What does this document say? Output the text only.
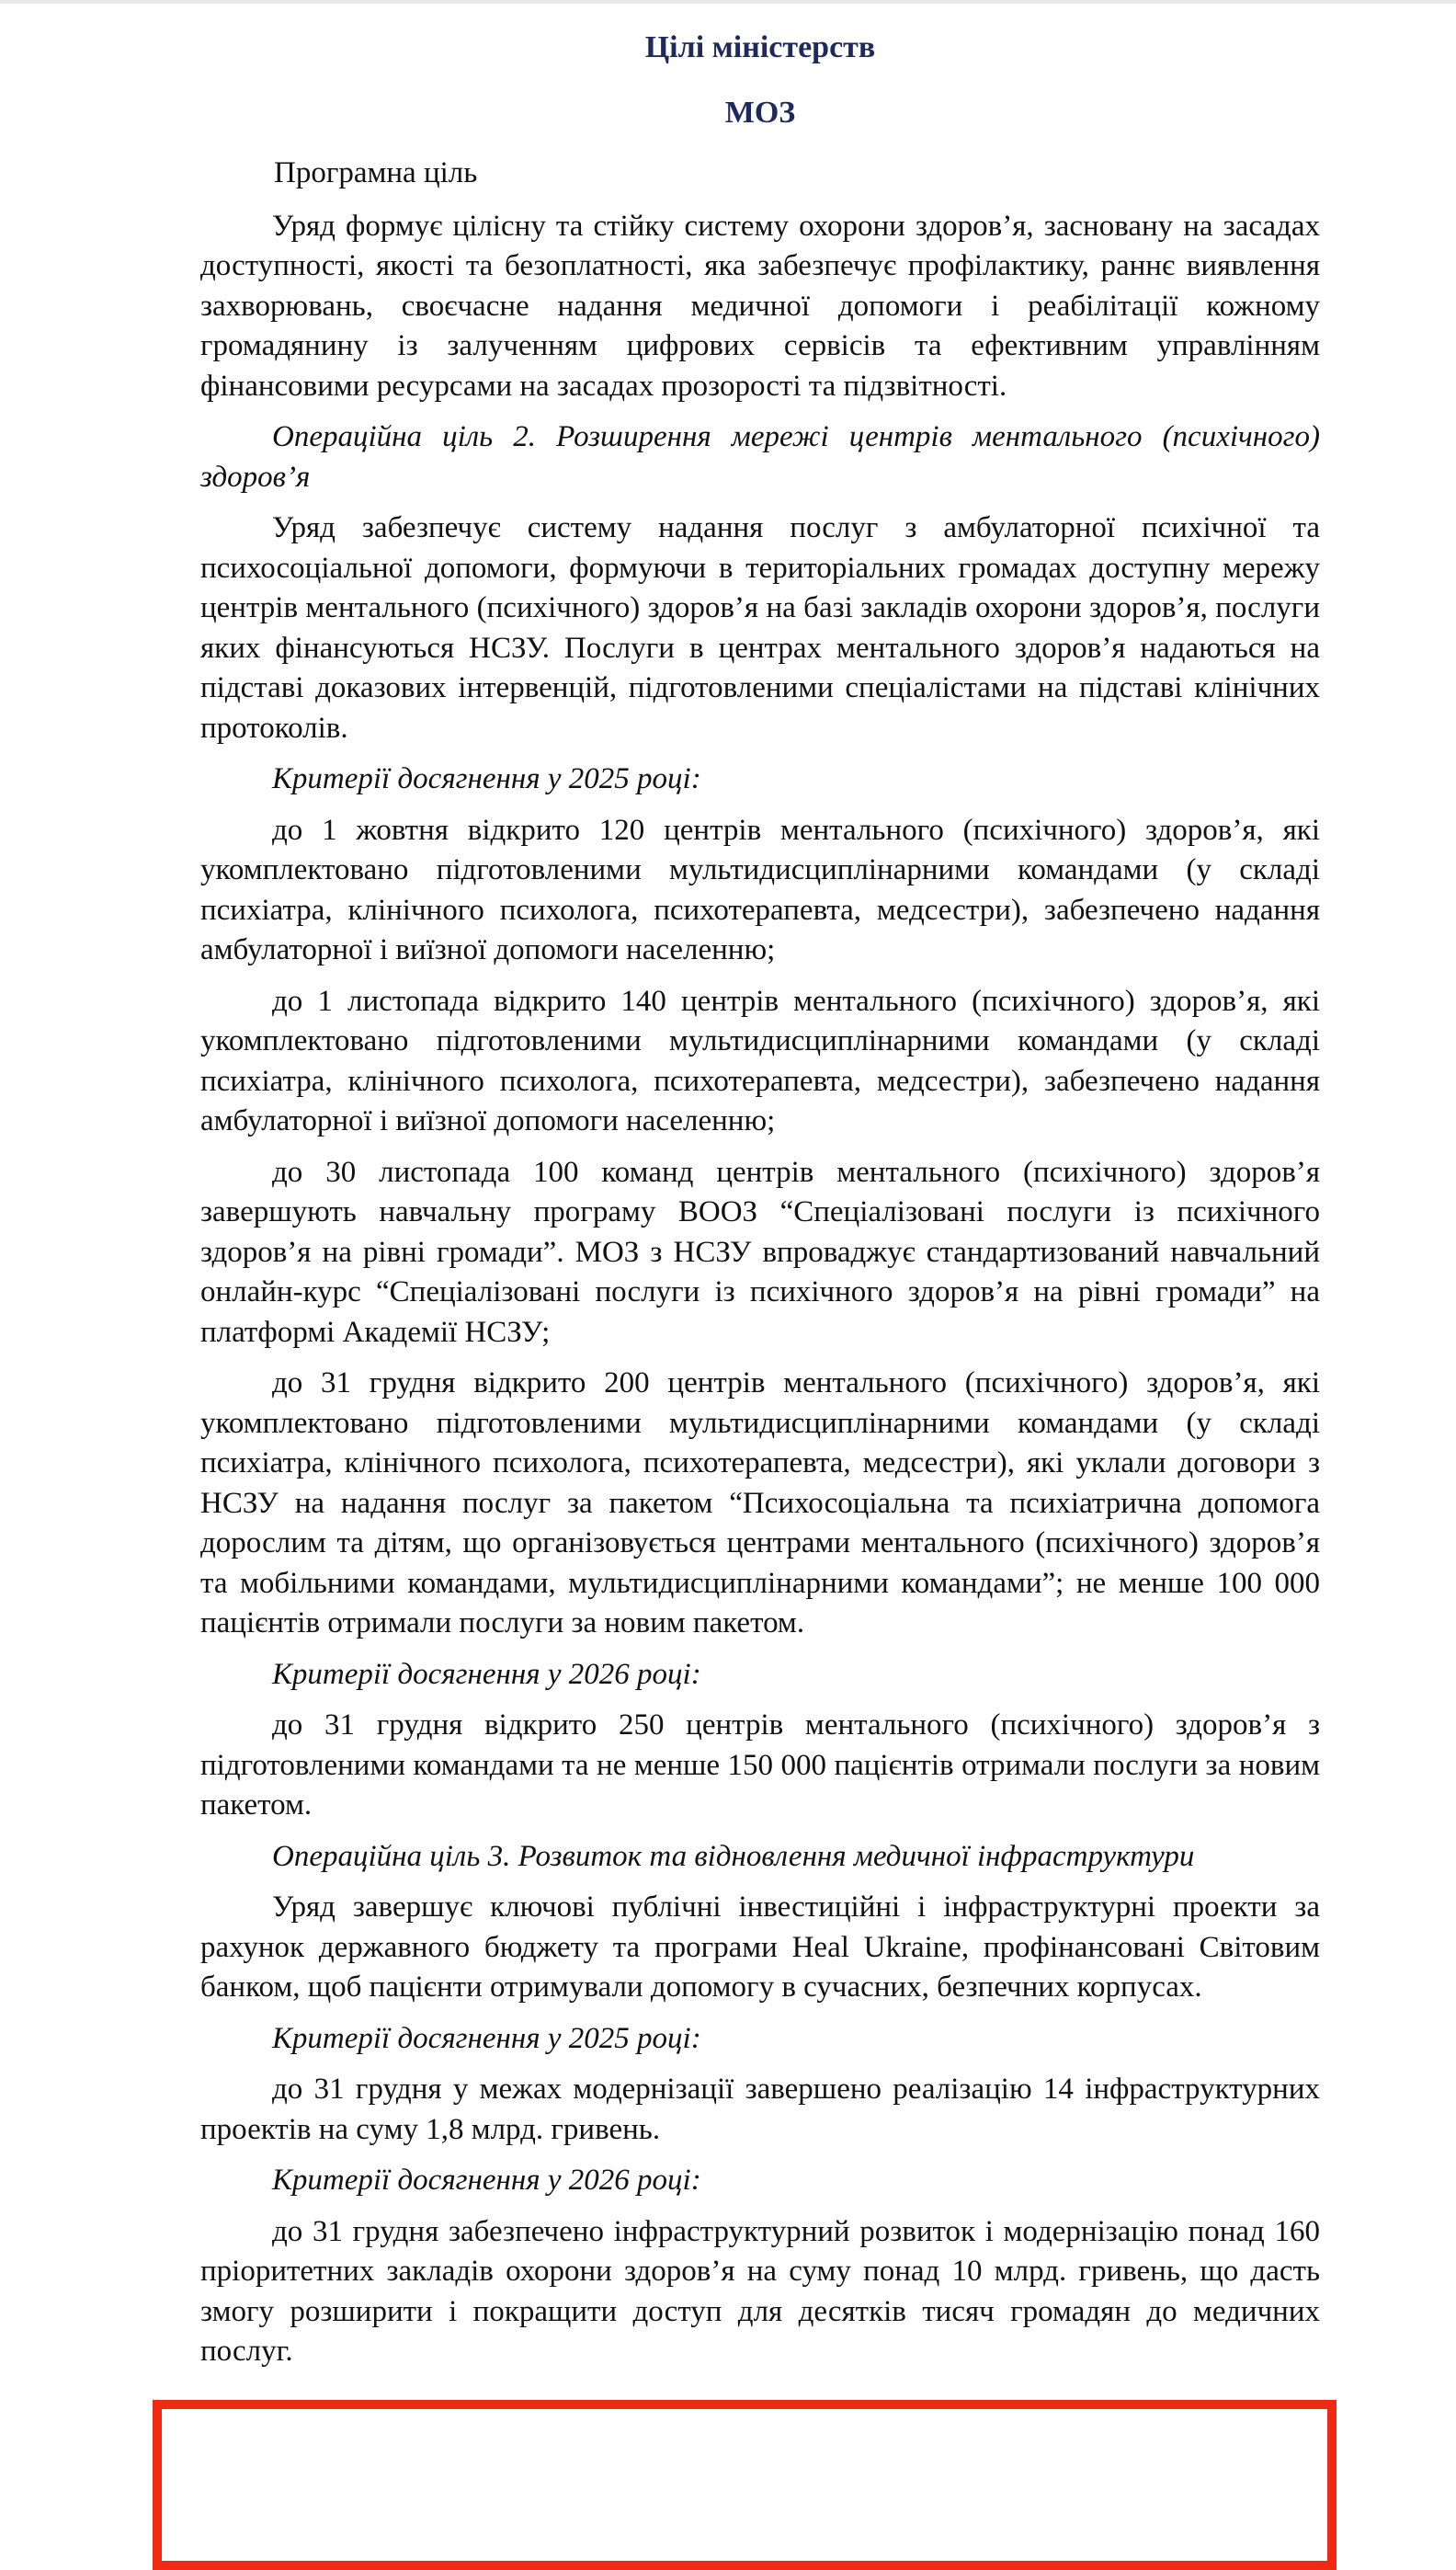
Цілі міністерств
МОЗ

Програмна ціль

Уряд формує цілісну та стійку систему охорони здоров’я, засновану на засадах доступності, якості та безоплатності, яка забезпечує профілактику, раннє виявлення захворювань, своєчасне надання медичної допомоги і реабілітації кожному громадянину із залученням цифрових сервісів та ефективним управлінням фінансовими ресурсами на засадах прозорості та підзвітності.

Операційна ціль 2. Розширення мережі центрів ментального (психічного) здоров’я

Уряд забезпечує систему надання послуг з амбулаторної психічної та психосоціальної допомоги, формуючи в територіальних громадах доступну мережу центрів ментального (психічного) здоров’я на базі закладів охорони здоров’я, послуги яких фінансуються НСЗУ. Послуги в центрах ментального здоров’я надаються на підставі доказових інтервенцій, підготовленими спеціалістами на підставі клінічних протоколів.

Критерії досягнення у 2025 році:

до 1 жовтня відкрито 120 центрів ментального (психічного) здоров’я, які укомплектовано підготовленими мультидисциплінарними командами (у складі психіатра, клінічного психолога, психотерапевта, медсестри), забезпечено надання амбулаторної і виїзної допомоги населенню;

до 1 листопада відкрито 140 центрів ментального (психічного) здоров’я, які укомплектовано підготовленими мультидисциплінарними командами (у складі психіатра, клінічного психолога, психотерапевта, медсестри), забезпечено надання амбулаторної і виїзної допомоги населенню;

до 30 листопада 100 команд центрів ментального (психічного) здоров’я завершують навчальну програму ВООЗ “Спеціалізовані послуги із психічного здоров’я на рівні громади”. МОЗ з НСЗУ впроваджує стандартизований навчальний онлайн-курс “Спеціалізовані послуги із психічного здоров’я на рівні громади” на платформі Академії НСЗУ;

до 31 грудня відкрито 200 центрів ментального (психічного) здоров’я, які укомплектовано підготовленими мультидисциплінарними командами (у складі психіатра, клінічного психолога, психотерапевта, медсестри), які уклали договори з НСЗУ на надання послуг за пакетом “Психосоціальна та психіатрична допомога дорослим та дітям, що організовується центрами ментального (психічного) здоров’я та мобільними командами, мультидисциплінарними командами”; не менше 100 000 пацієнтів отримали послуги за новим пакетом.

Критерії досягнення у 2026 році:

до 31 грудня відкрито 250 центрів ментального (психічного) здоров’я з підготовленими командами та не менше 150 000 пацієнтів отримали послуги за новим пакетом.

Операційна ціль 3. Розвиток та відновлення медичної інфраструктури

Уряд завершує ключові публічні інвестиційні і інфраструктурні проекти за рахунок державного бюджету та програми Heal Ukraine, профінансовані Світовим банком, щоб пацієнти отримували допомогу в сучасних, безпечних корпусах.

Критерії досягнення у 2025 році:

до 31 грудня у межах модернізації завершено реалізацію 14 інфраструктурних проектів на суму 1,8 млрд. гривень.

Критерії досягнення у 2026 році:

до 31 грудня забезпечено інфраструктурний розвиток і модернізацію понад 160 пріоритетних закладів охорони здоров’я на суму понад 10 млрд. гривень, що дасть змогу розширити і покращити доступ для десятків тисяч громадян до медичних послуг.
